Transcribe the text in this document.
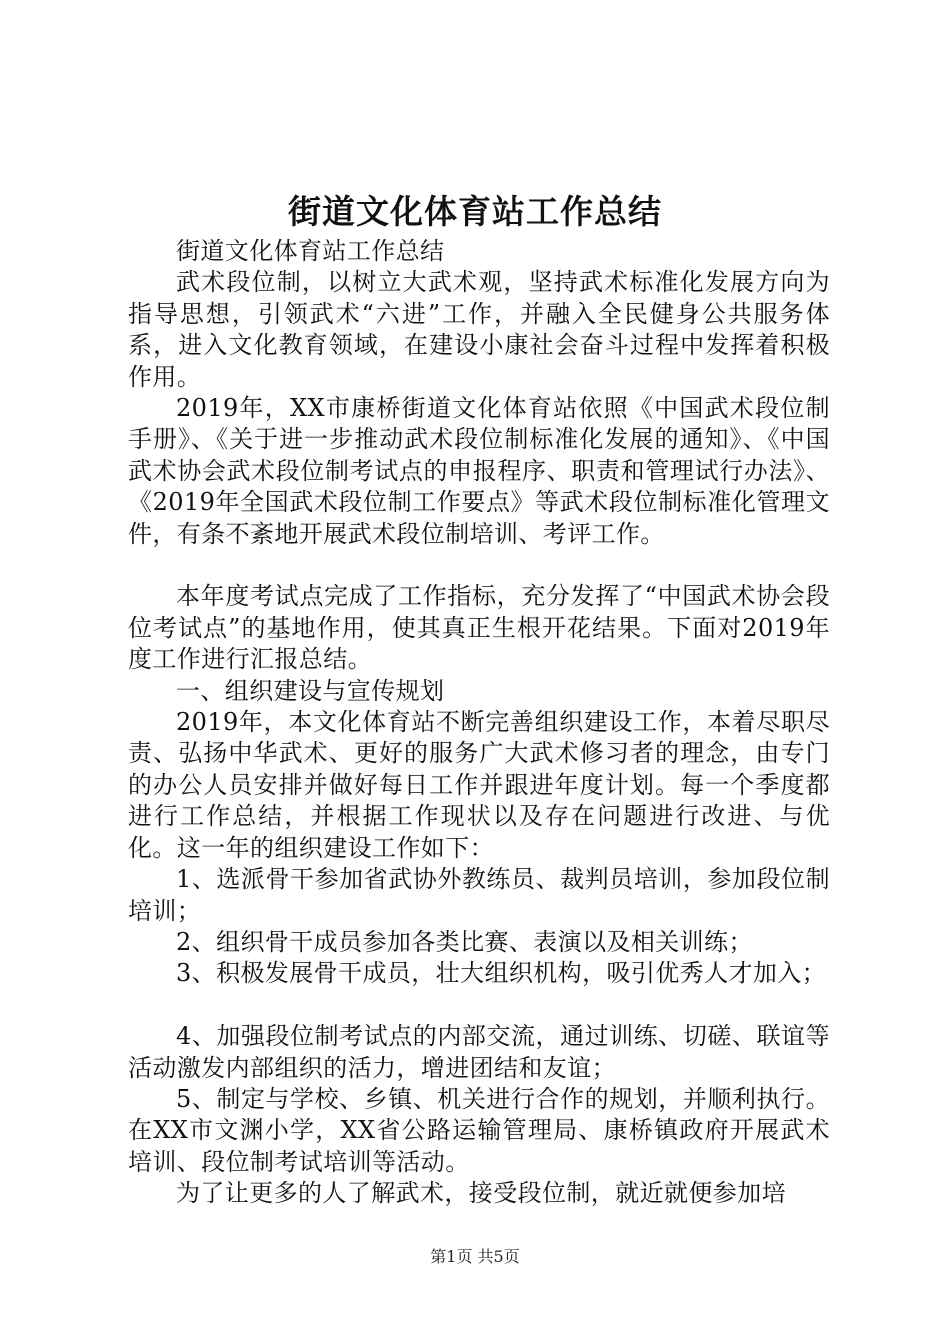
街道文化体育站工作总结

街道文化体育站工作总结

武术段位制，以树立大武术观，坚持武术标准化发展方向为指导思想，引领武术“六进”工作，并融入全民健身公共服务体系，进入文化教育领域，在建设小康社会奋斗过程中发挥着积极作用。

2019年，XX市康桥街道文化体育站依照《中国武术段位制手册》、《关于进一步推动武术段位制标准化发展的通知》、《中国武术协会武术段位制考试点的申报程序、职责和管理试行办法》、《2019年全国武术段位制工作要点》等武术段位制标准化管理文件，有条不紊地开展武术段位制培训、考评工作。

本年度考试点完成了工作指标，充分发挥了“中国武术协会段位考试点”的基地作用，使其真正生根开花结果。下面对2019年度工作进行汇报总结。

一、组织建设与宣传规划

2019年，本文化体育站不断完善组织建设工作，本着尽职尽责、弘扬中华武术、更好的服务广大武术修习者的理念，由专门的办公人员安排并做好每日工作并跟进年度计划。每一个季度都进行工作总结，并根据工作现状以及存在问题进行改进、与优化。这一年的组织建设工作如下：

1、选派骨干参加省武协外教练员、裁判员培训，参加段位制培训；

2、组织骨干成员参加各类比赛、表演以及相关训练；

3、积极发展骨干成员，壮大组织机构，吸引优秀人才加入；

4、加强段位制考试点的内部交流，通过训练、切磋、联谊等活动激发内部组织的活力，增进团结和友谊；

5、制定与学校、乡镇、机关进行合作的规划，并顺利执行。在XX市文渊小学，XX省公路运输管理局、康桥镇政府开展武术培训、段位制考试培训等活动。

为了让更多的人了解武术，接受段位制，就近就便参加培

第1页 共5页
